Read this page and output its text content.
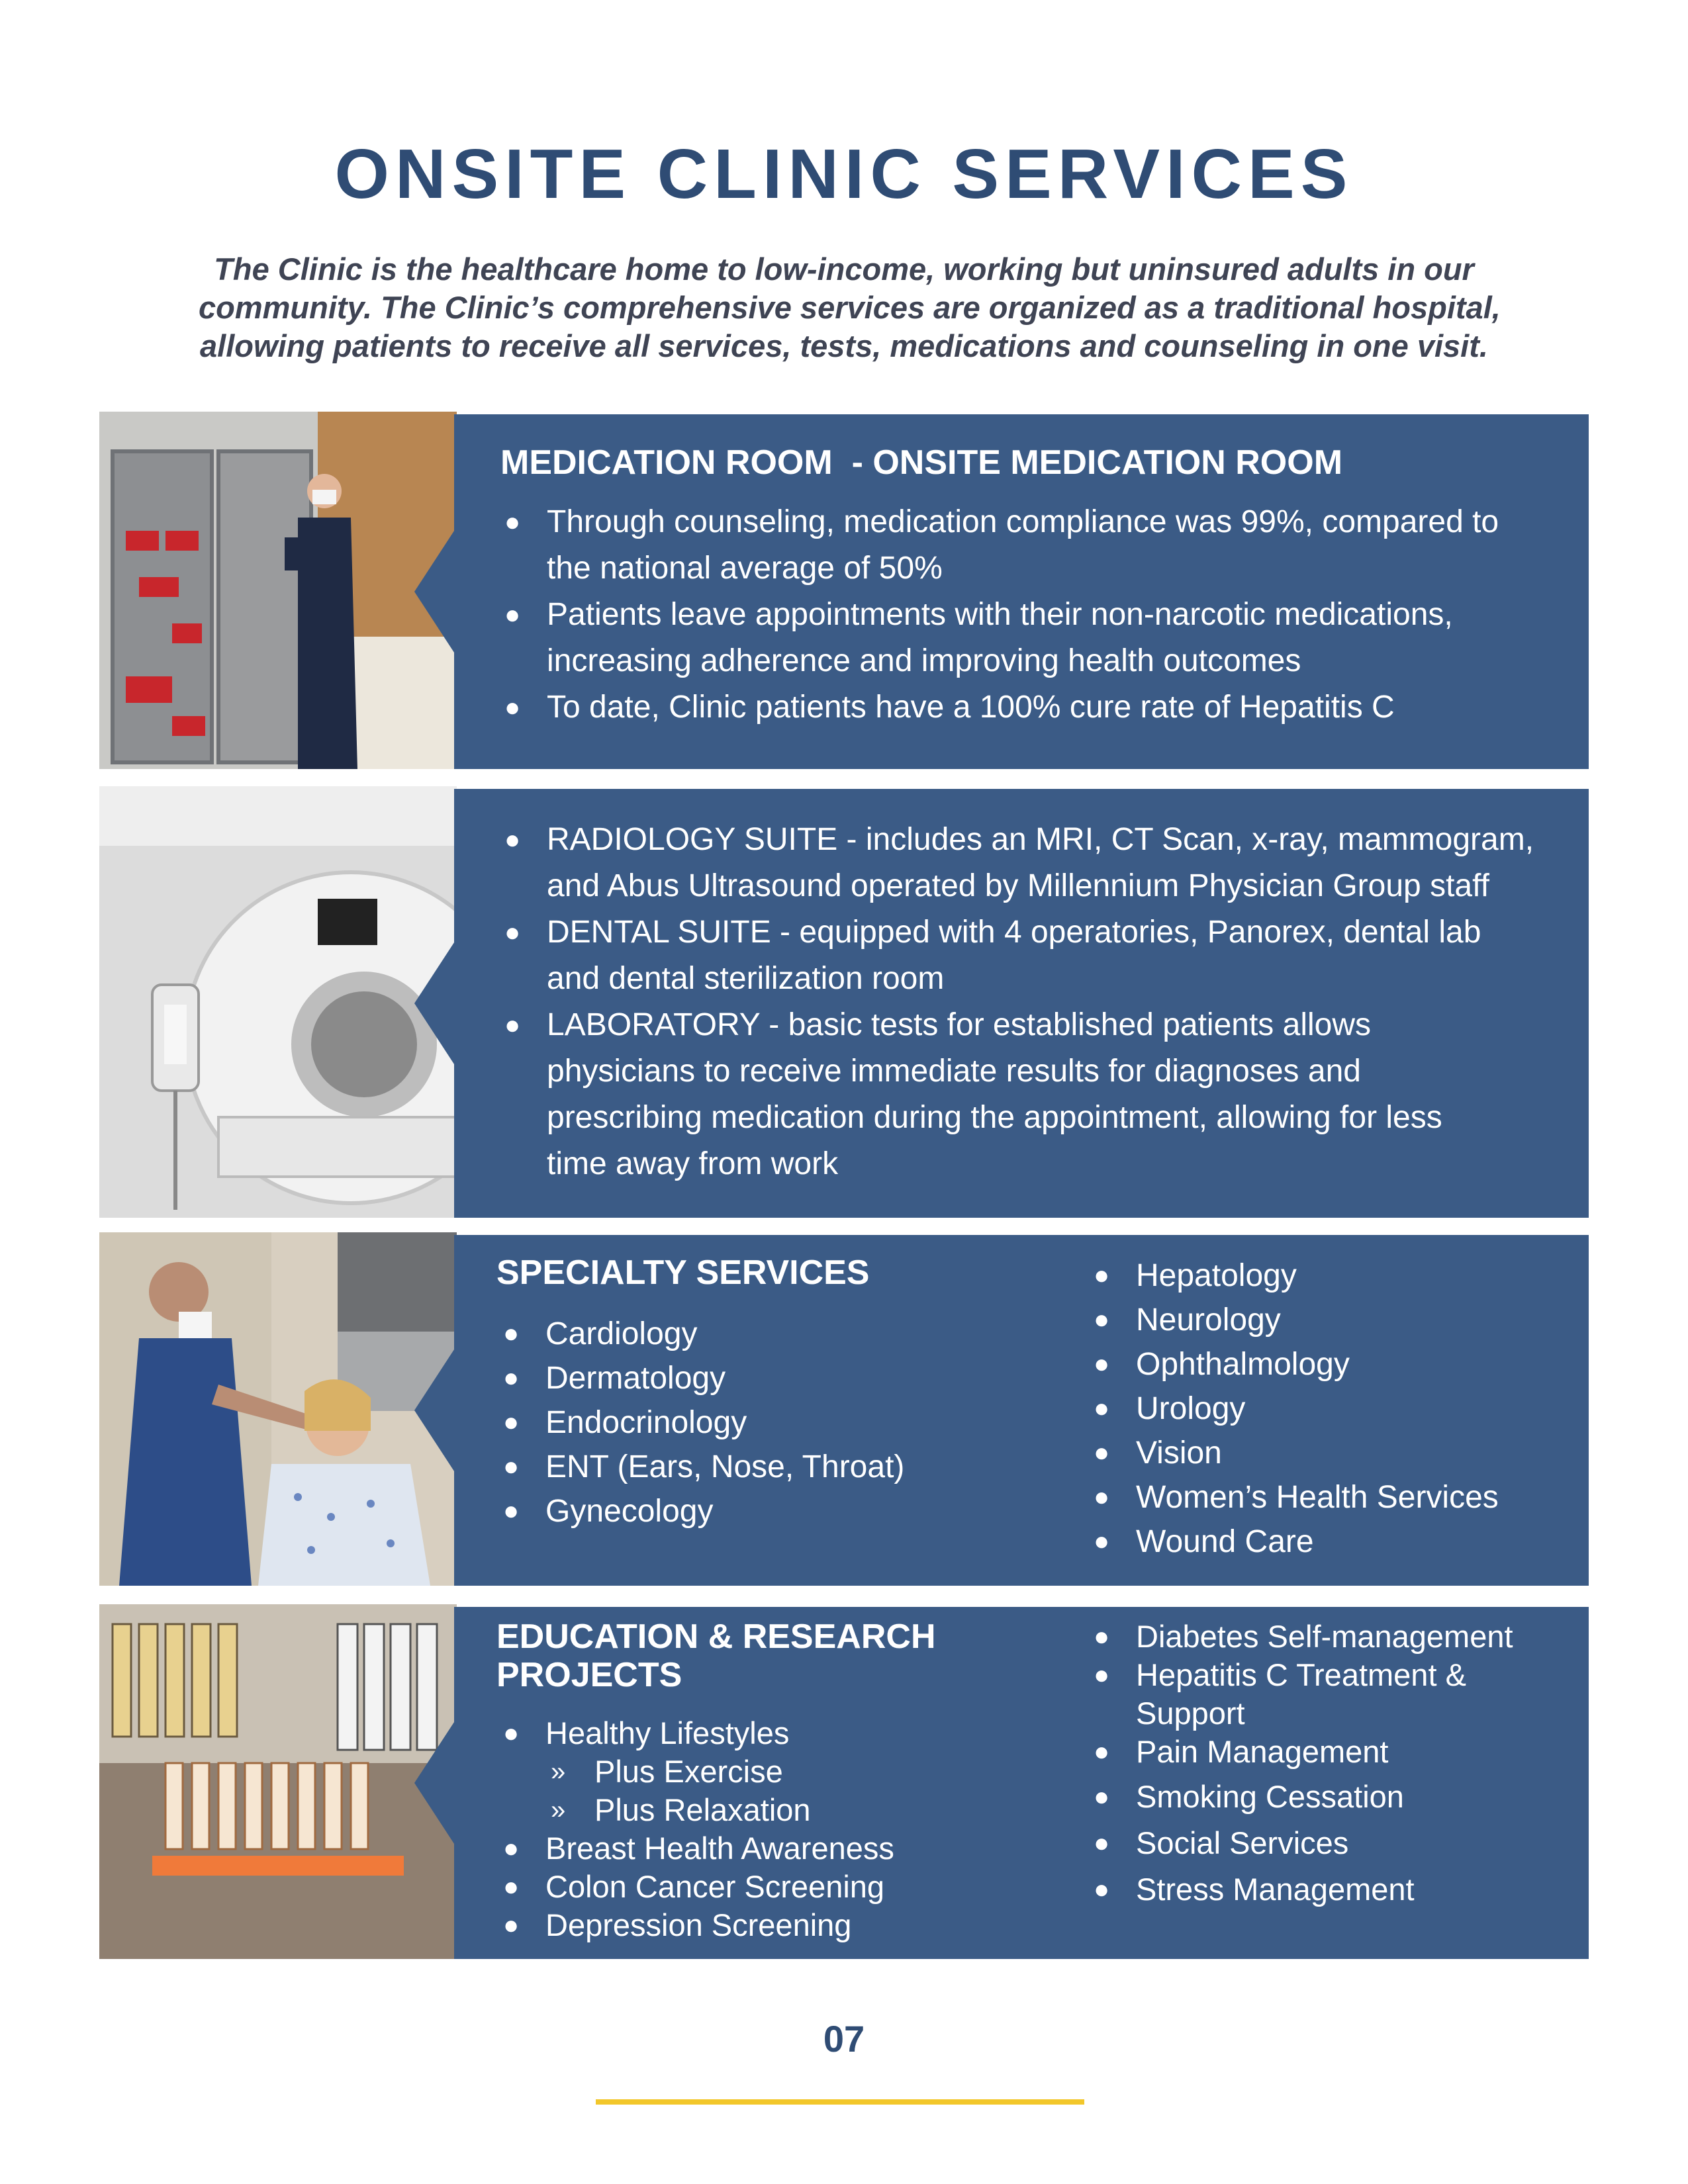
ONSITE CLINIC SERVICES
The Clinic is the healthcare home to low-income, working but uninsured adults in our
community. The Clinic’s comprehensive services are organized as a traditional hospital,
allowing patients to receive all services, tests, medications and counseling in one visit.
MEDICATION ROOM  - ONSITE MEDICATION ROOM
● Through counseling, medication compliance was 99%, compared to
the national average of 50%
● Patients leave appointments with their non-narcotic medications,
increasing adherence and improving health outcomes
● To date, Clinic patients have a 100% cure rate of Hepatitis C
● RADIOLOGY SUITE - includes an MRI, CT Scan, x-ray, mammogram,
and Abus Ultrasound operated by Millennium Physician Group staff
● DENTAL SUITE - equipped with 4 operatories, Panorex, dental lab
and dental sterilization room
● LABORATORY - basic tests for established patients allows
physicians to receive immediate results for diagnoses and
prescribing medication during the appointment, allowing for less
time away from work
SPECIALTY SERVICES
● Cardiology
● Dermatology
● Endocrinology
● ENT (Ears, Nose, Throat)
● Gynecology
● Hepatology
● Neurology
● Ophthalmology
● Urology
● Vision
● Women’s Health Services
● Wound Care
EDUCATION & RESEARCH
PROJECTS
● Healthy Lifestyles
» Plus Exercise
» Plus Relaxation
● Breast Health Awareness
● Colon Cancer Screening
● Depression Screening
● Diabetes Self-management
● Hepatitis C Treatment & Support
● Pain Management
● Smoking Cessation
● Social Services
● Stress Management
07
